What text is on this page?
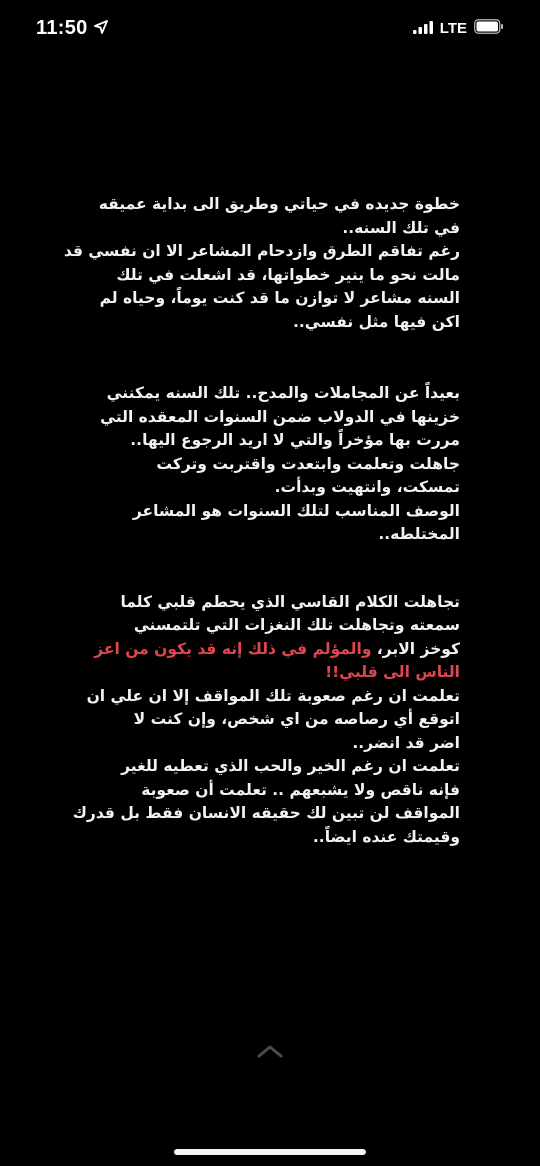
11:50	LTE
خطوة جديده في حياتي وطريق الى بداية عميقه
في تلك السنه..
رغم تفاقم الطرق وازدحام المشاعر الا ان نفسي قد
مالت نحو ما ينير خطواتها، قد اشعلت في تلك
السنه مشاعر لا توازن ما قد كنت يوماً، وحياه لم
اكن فيها مثل نفسي..
بعيداً عن المجاملات والمدح.. تلك السنه يمكنني
خزينها في الدولاب ضمن السنوات المعقده التي
مررت بها مؤخراً والتي لا اريد الرجوع اليها..
جاهلت وتعلمت وابتعدت واقتربت وتركت
تمسكت، وانتهيت وبدأت.
الوصف المناسب لتلك السنوات هو المشاعر
المختلطه..
تجاهلت الكلام القاسي الذي يحطم قلبي كلما
سمعته وتجاهلت تلك النغزات التي تلتمسني
كوخز الابر، والمؤلم في ذلك إنه قد يكون من اعز
الناس الى قلبي!!
تعلمت ان رغم صعوبة تلك المواقف إلا ان علي ان
اتوقع أي رصاصه من اي شخص، وإن كنت لا
اضر قد انضر..
تعلمت ان رغم الخير والحب الذي تعطيه للغير
فإنه ناقص ولا يشبعهم .. تعلمت أن صعوبة
المواقف لن تبين لك حقيقه الانسان فقط بل قدرك
وقيمتك عنده ايضاً..
